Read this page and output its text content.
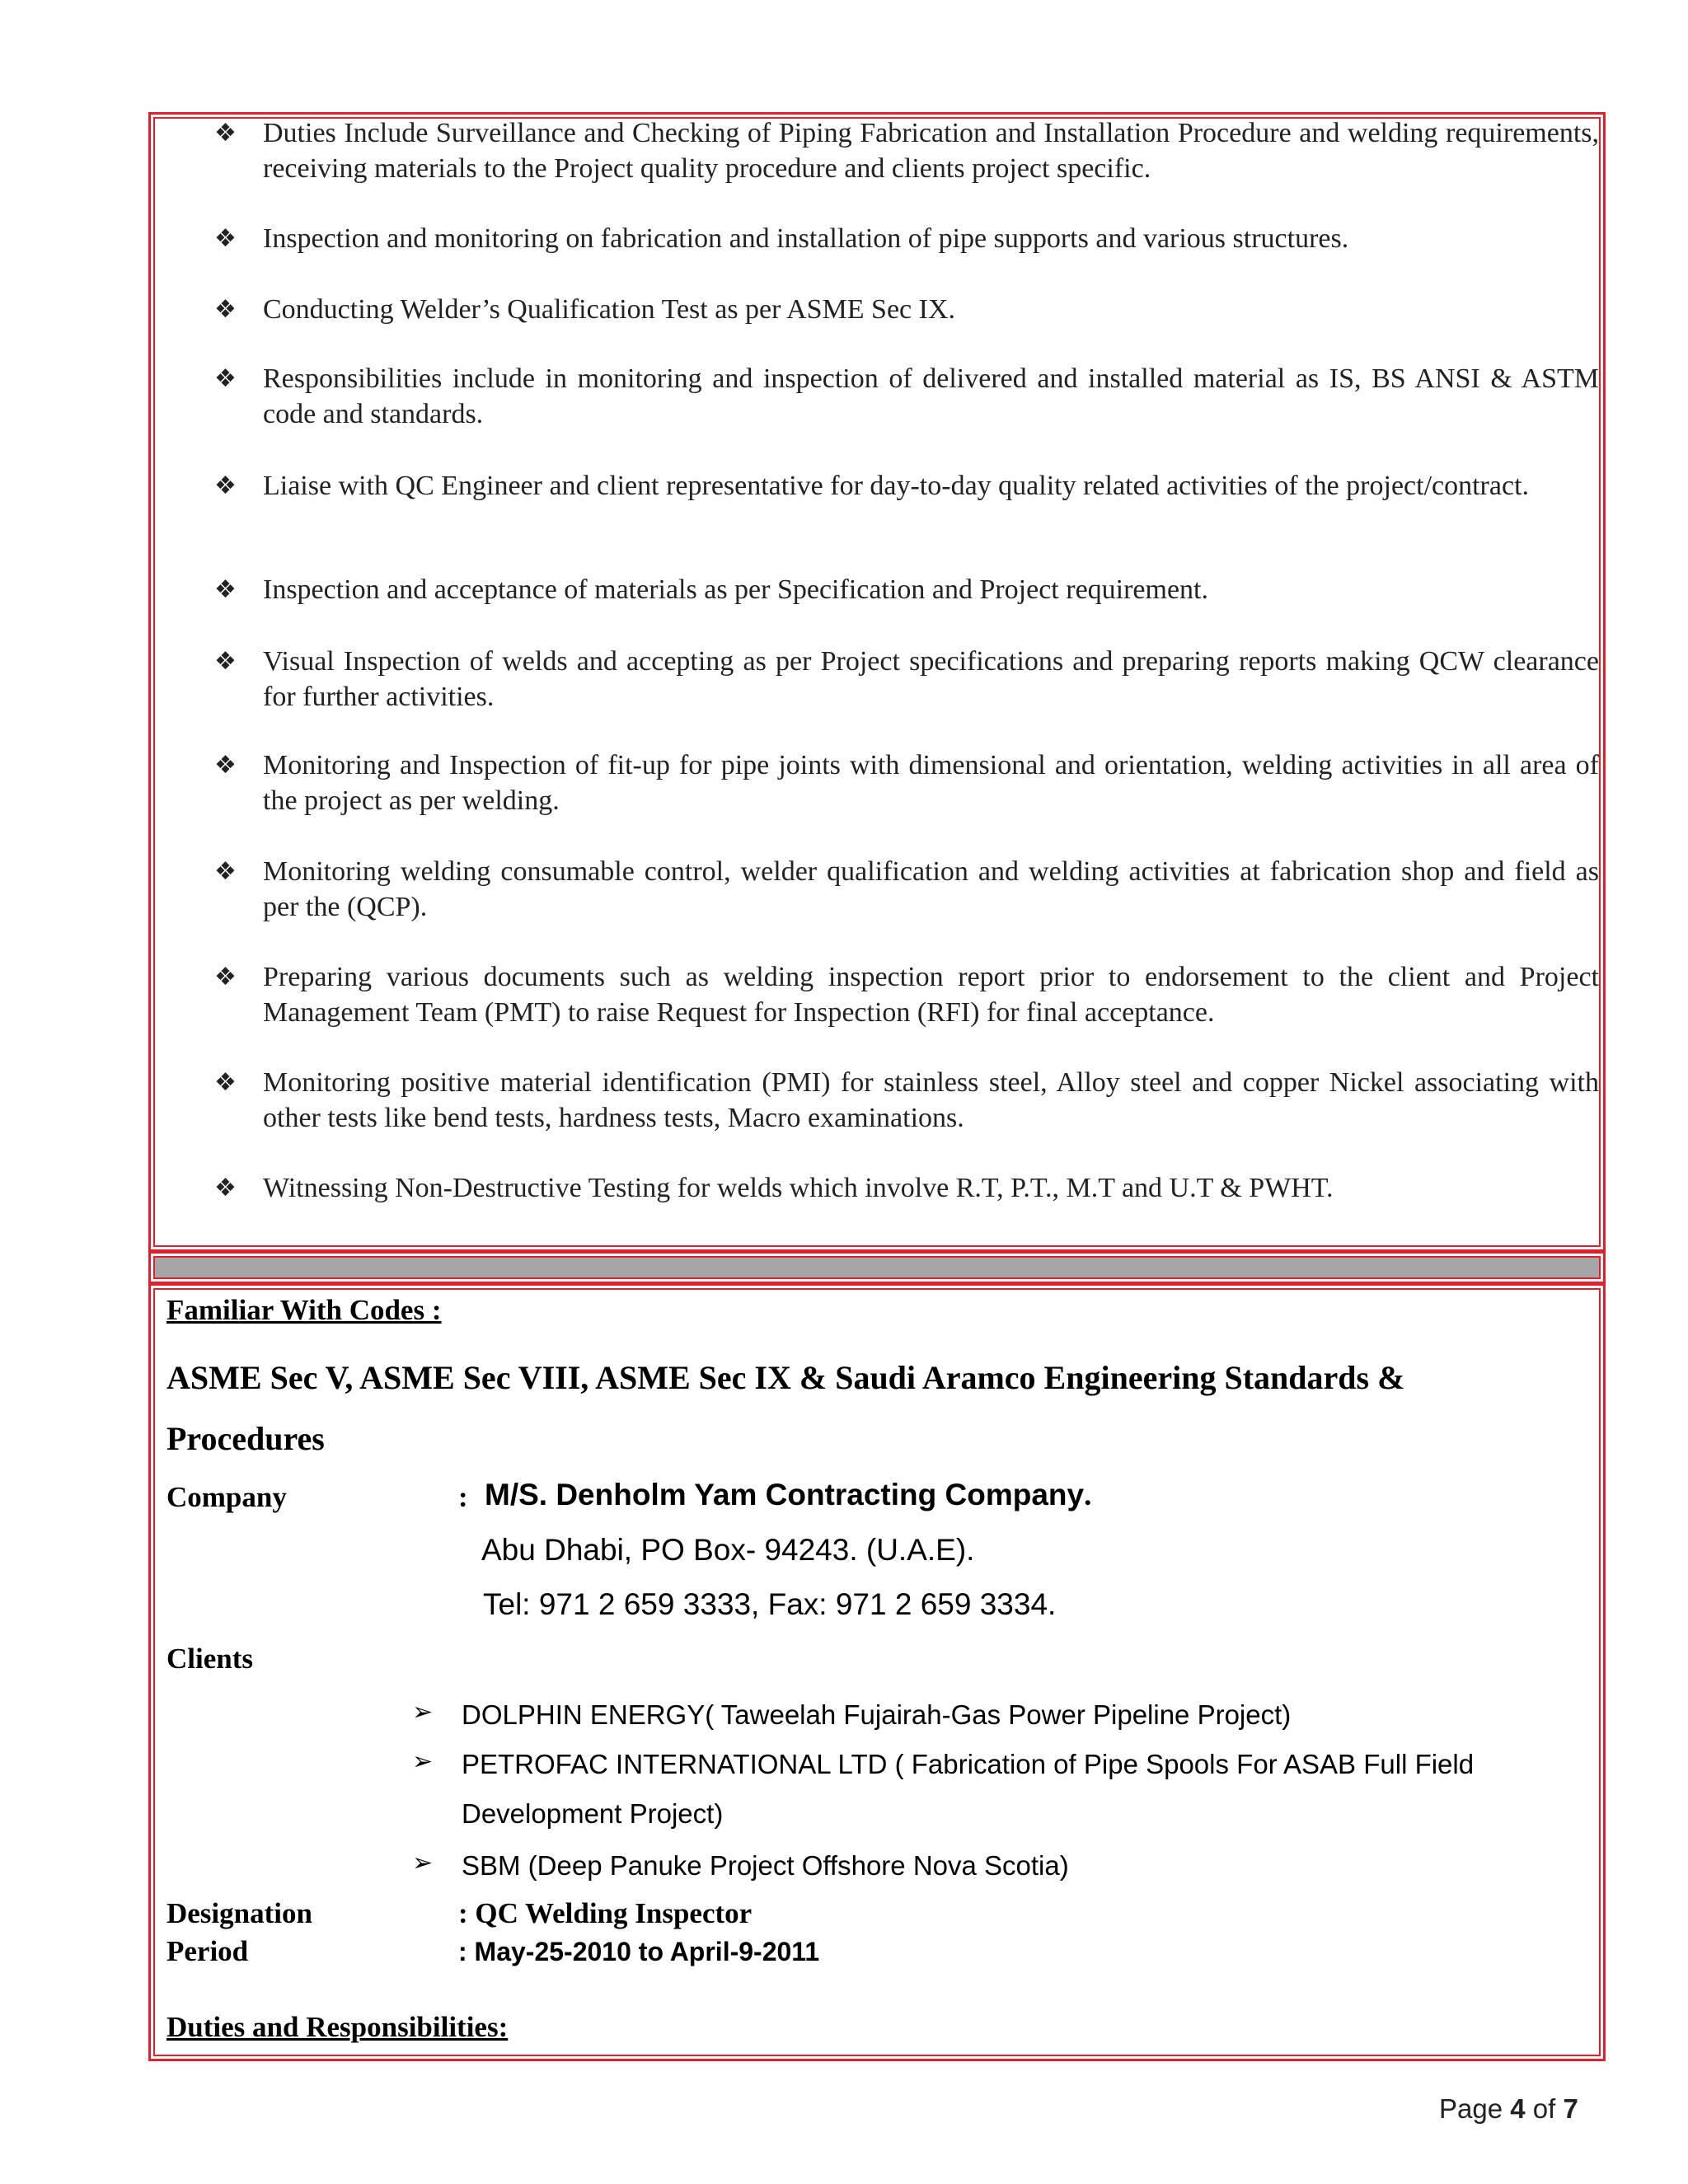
❖ Duties Include Surveillance and Checking of Piping Fabrication and Installation Procedure and welding requirements, receiving materials to the Project quality procedure and clients project specific.
❖ Inspection and monitoring on fabrication and installation of pipe supports and various structures.
❖ Conducting Welder’s Qualification Test as per ASME Sec IX.
❖ Responsibilities include in monitoring and inspection of delivered and installed material as IS, BS ANSI & ASTM code and standards.
❖ Liaise with QC Engineer and client representative for day-to-day quality related activities of the project/contract.
❖ Inspection and acceptance of materials as per Specification and Project requirement.
❖ Visual Inspection of welds and accepting as per Project specifications and preparing reports making QCW clearance for further activities.
❖ Monitoring and Inspection of fit-up for pipe joints with dimensional and orientation, welding activities in all area of the project as per welding.
❖ Monitoring welding consumable control, welder qualification and welding activities at fabrication shop and field as per the (QCP).
❖ Preparing various documents such as welding inspection report prior to endorsement to the client and Project Management Team (PMT) to raise Request for Inspection (RFI) for final acceptance.
❖ Monitoring positive material identification (PMI) for stainless steel, Alloy steel and copper Nickel associating with other tests like bend tests, hardness tests, Macro examinations.
❖ Witnessing Non-Destructive Testing for welds which involve R.T, P.T., M.T and U.T & PWHT.
Familiar With Codes :
ASME Sec V, ASME Sec VIII, ASME Sec IX & Saudi Aramco Engineering Standards &
Procedures
Company	: M/S. Denholm Yam Contracting Company.
Abu Dhabi, PO Box- 94243. (U.A.E).
Tel: 971 2 659 3333, Fax: 971 2 659 3334.
Clients
➢ DOLPHIN ENERGY( Taweelah Fujairah-Gas Power Pipeline Project)
➢ PETROFAC INTERNATIONAL LTD ( Fabrication of Pipe Spools For ASAB Full Field
Development Project)
➢ SBM (Deep Panuke Project Offshore Nova Scotia)
Designation	: QC Welding Inspector
Period	: May-25-2010 to April-9-2011
Duties and Responsibilities:
Page 4 of 7
